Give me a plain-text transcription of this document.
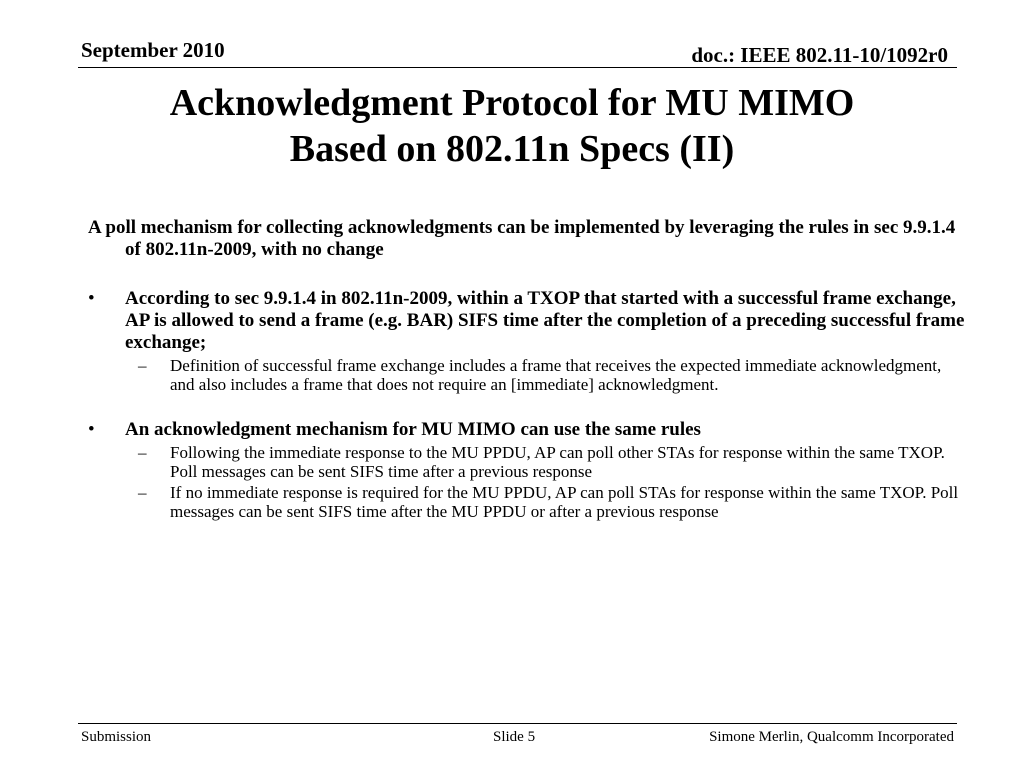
September 2010	doc.: IEEE 802.11-10/1092r0
Acknowledgment Protocol for MU MIMO
Based on 802.11n Specs (II)

A poll mechanism for collecting acknowledgments can be implemented by leveraging the rules in sec 9.9.1.4 of 802.11n-2009, with no change

• According to sec 9.9.1.4 in 802.11n-2009, within a TXOP that started with a successful frame exchange, AP is allowed to send a frame (e.g. BAR) SIFS time after the completion of a preceding successful frame exchange;

– Definition of successful frame exchange includes a frame that receives the expected immediate acknowledgment, and also includes a frame that does not require an [immediate] acknowledgment.

• An acknowledgment mechanism for MU MIMO can use the same rules

– Following the immediate response to the MU PPDU, AP can poll other STAs for response within the same TXOP. Poll messages can be sent SIFS time after a previous response

– If no immediate response is required for the MU PPDU, AP can poll STAs for response within the same TXOP. Poll messages can be sent SIFS time after the MU PPDU or after a previous response

Submission	Slide 5	Simone Merlin, Qualcomm Incorporated
